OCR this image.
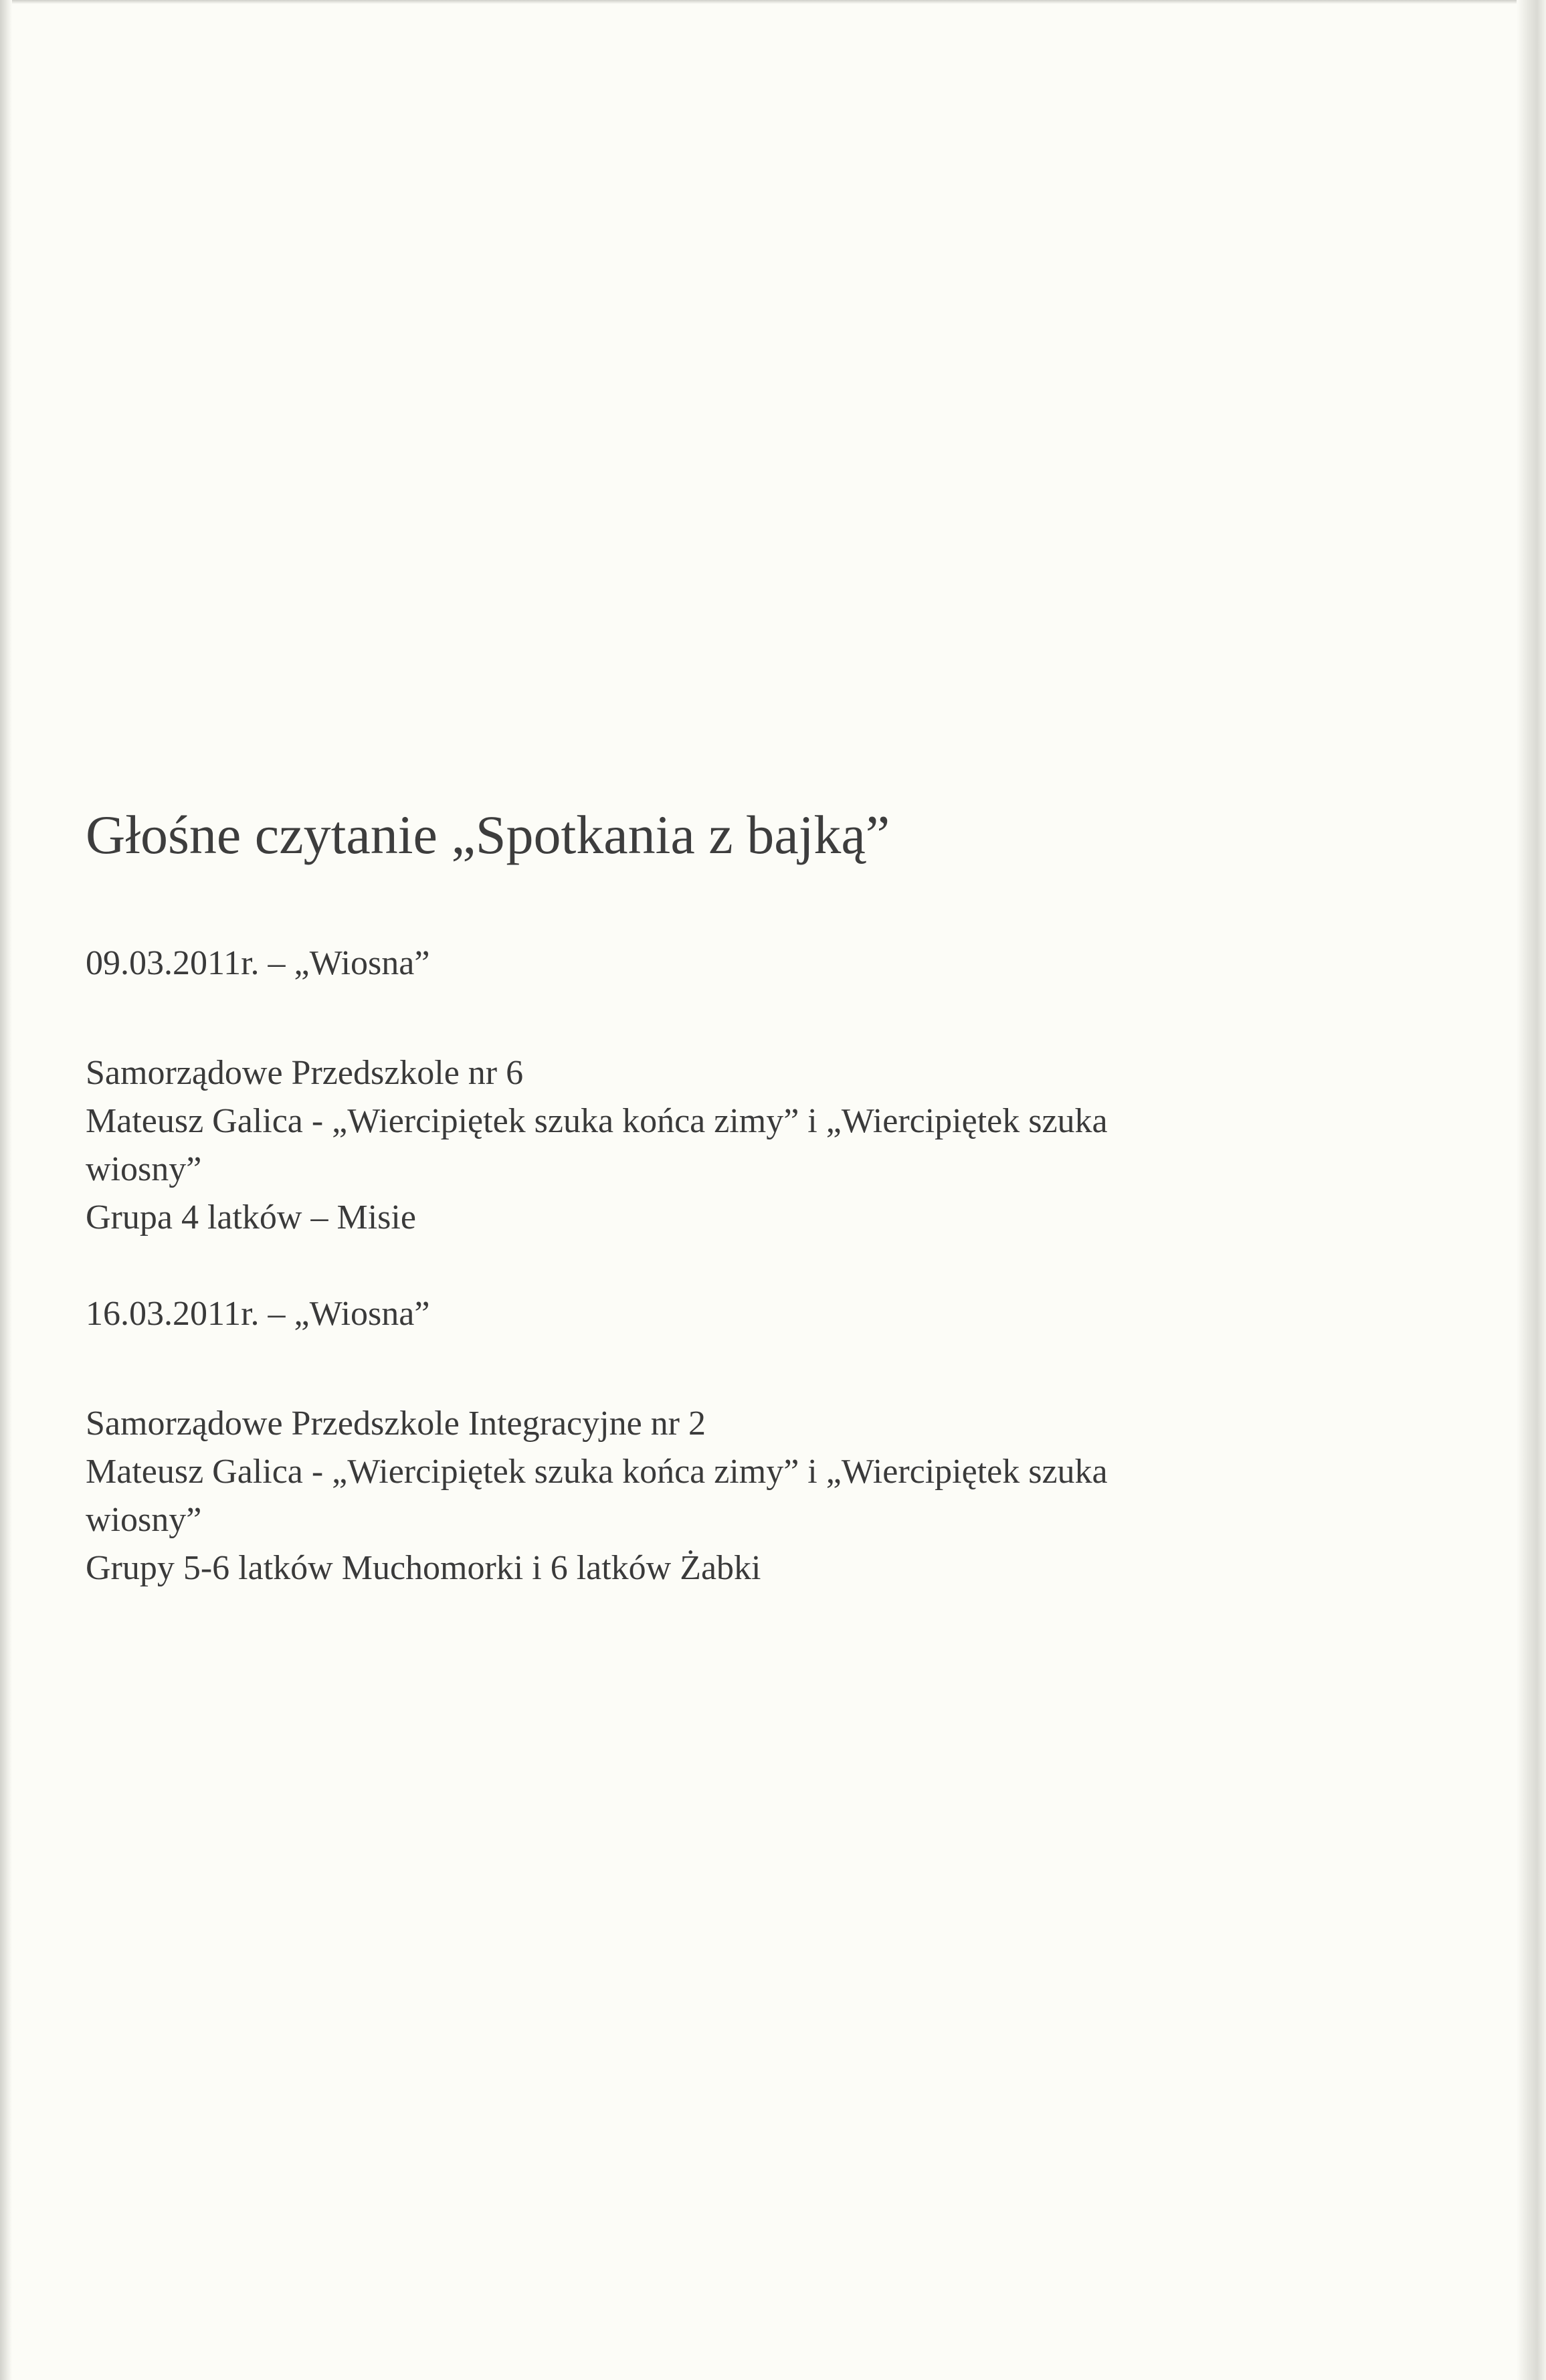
Głośne czytanie „Spotkania z bajką”

09.03.2011r. – „Wiosna”

Samorządowe Przedszkole nr 6

Mateusz Galica - „Wiercipiętek szuka końca zimy” i „Wiercipiętek szuka

wiosny”

Grupa 4 latków – Misie

16.03.2011r. – „Wiosna”

Samorządowe Przedszkole Integracyjne nr 2

Mateusz Galica - „Wiercipiętek szuka końca zimy” i „Wiercipiętek szuka

wiosny”

Grupy 5-6 latków Muchomorki i 6 latków Żabki
